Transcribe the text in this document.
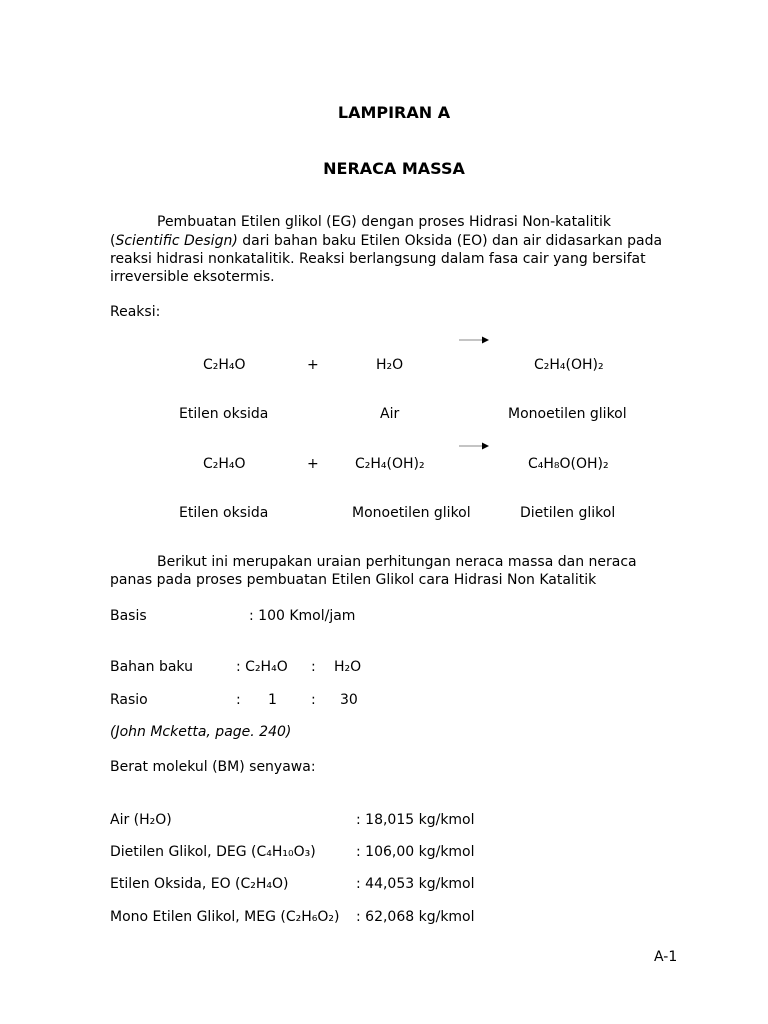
LAMPIRAN A
NERACA MASSA
Pembuatan Etilen glikol (EG) dengan proses Hidrasi Non-katalitik
(Scientific Design) dari bahan baku Etilen Oksida (EO) dan air didasarkan pada
reaksi hidrasi nonkatalitik. Reaksi berlangsung dalam fasa cair yang bersifat
irreversible eksotermis.
Reaksi:
C₂H₄O	+	H₂O	C₂H₄(OH)₂
Etilen oksida	Air	Monoetilen glikol
C₂H₄O	+	C₂H₄(OH)₂	C₄H₈O(OH)₂
Etilen oksida	Monoetilen glikol	Dietilen glikol
Berikut ini merupakan uraian perhitungan neraca massa dan neraca
panas pada proses pembuatan Etilen Glikol cara Hidrasi Non Katalitik
Basis	: 100 Kmol/jam
Bahan baku	: C₂H₄O : H₂O
Rasio	: 1 : 30
(John Mcketta, page. 240)
Berat molekul (BM) senyawa:
Air (H₂O)	: 18,015 kg/kmol
Dietilen Glikol, DEG (C₄H₁₀O₃)	: 106,00 kg/kmol
Etilen Oksida, EO (C₂H₄O)	: 44,053 kg/kmol
Mono Etilen Glikol, MEG (C₂H₆O₂) : 62,068 kg/kmol
A-1
